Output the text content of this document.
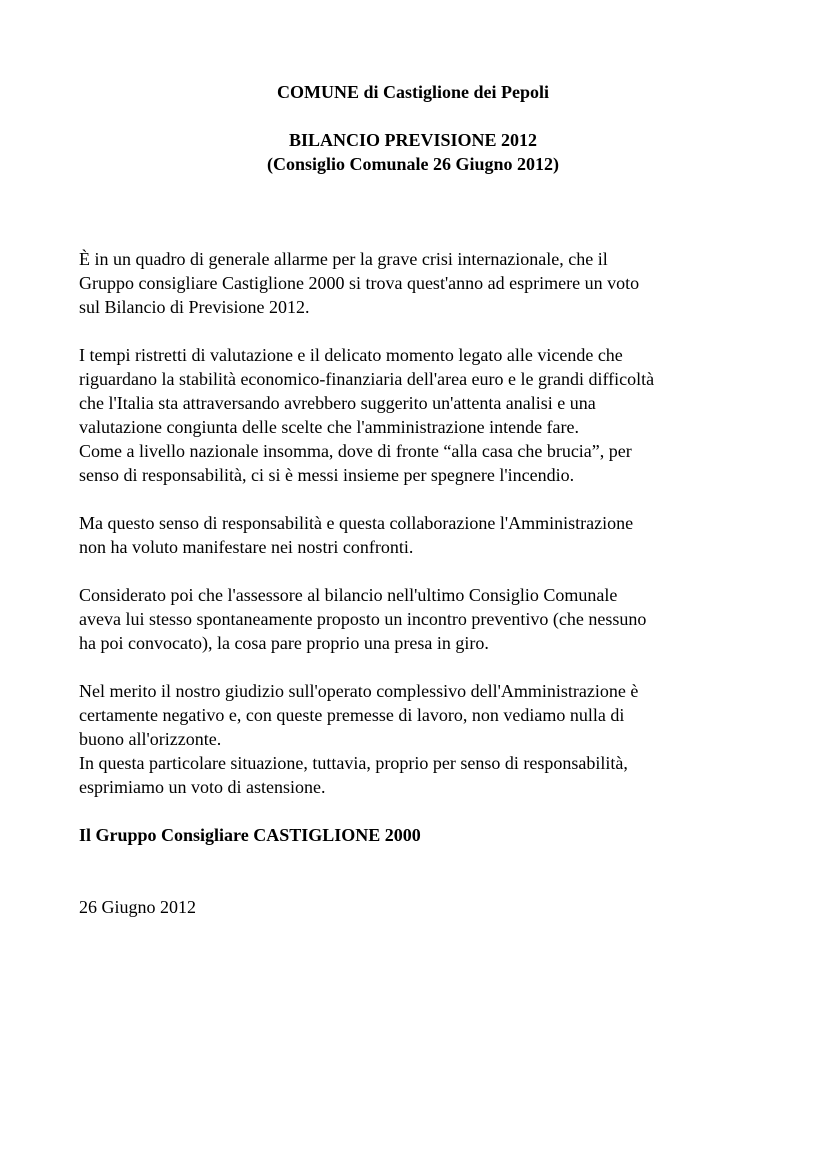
COMUNE di Castiglione dei Pepoli
BILANCIO PREVISIONE 2012
(Consiglio Comunale 26 Giugno 2012)
È in un quadro di generale allarme per la grave crisi internazionale, che il
Gruppo consigliare Castiglione 2000 si trova quest'anno ad esprimere un voto
sul Bilancio di Previsione 2012.
I tempi ristretti di valutazione e il delicato momento legato alle vicende che
riguardano la stabilità economico-finanziaria dell'area euro e le grandi difficoltà
che l'Italia sta attraversando avrebbero suggerito un'attenta analisi e una
valutazione congiunta delle scelte che l'amministrazione intende fare.
Come a livello nazionale insomma, dove di fronte “alla casa che brucia”, per
senso di responsabilità, ci si è messi insieme per spegnere l'incendio.
Ma questo senso di responsabilità e questa collaborazione l'Amministrazione
non ha voluto manifestare nei nostri confronti.
Considerato poi che l'assessore al bilancio nell'ultimo Consiglio Comunale
aveva lui stesso spontaneamente proposto un incontro preventivo (che nessuno
ha poi convocato), la cosa pare proprio una presa in giro.
Nel merito il nostro giudizio sull'operato complessivo dell'Amministrazione è
certamente negativo e, con queste premesse di lavoro, non vediamo nulla di
buono all'orizzonte.
In questa particolare situazione, tuttavia, proprio per senso di responsabilità,
esprimiamo un voto di astensione.
Il Gruppo Consigliare CASTIGLIONE 2000
26 Giugno 2012
